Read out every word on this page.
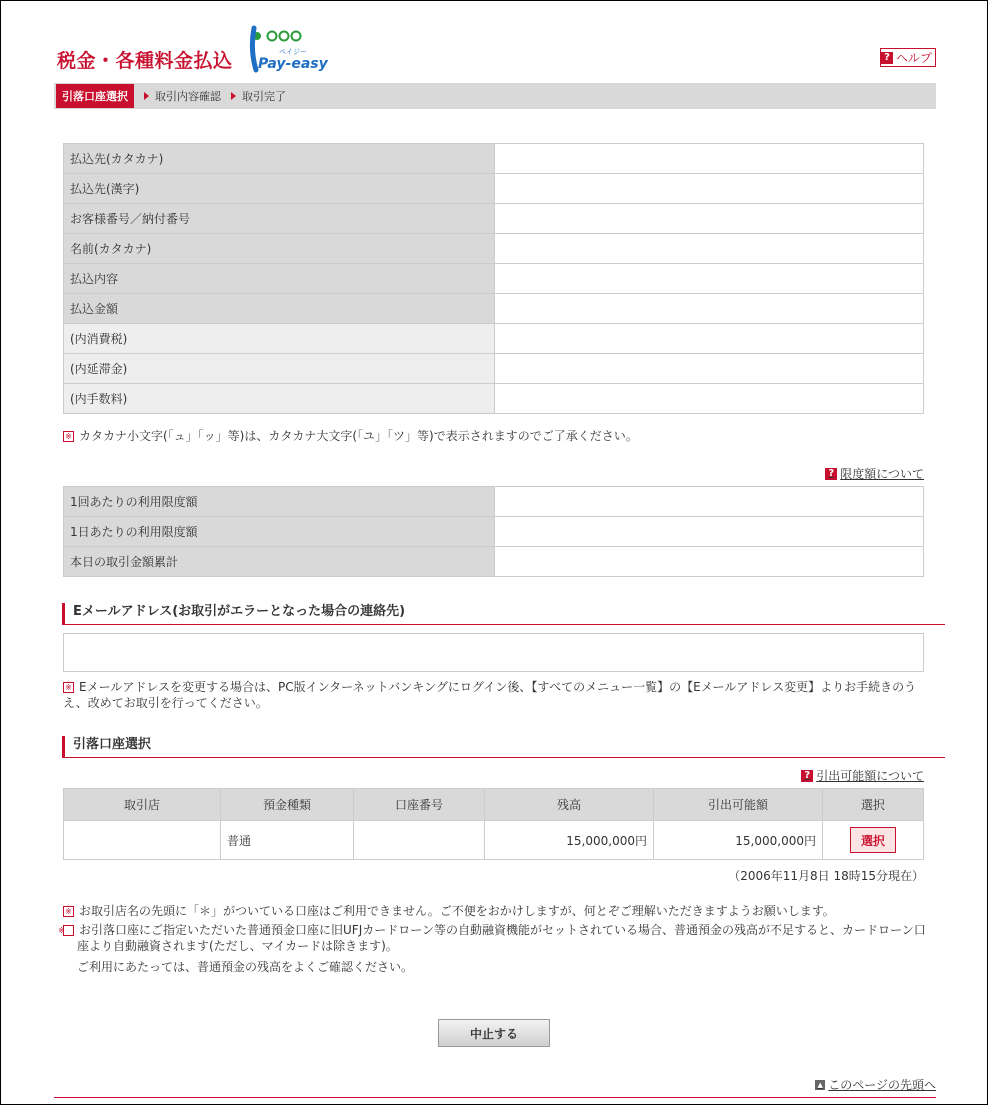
税金・各種料金払込	ペイジー
Pay-easy	? ヘルプ
引落口座選択	取引内容確認 取引完了
払込先(カタカナ)	
払込先(漢字)	
お客様番号／納付番号	
名前(カタカナ)	
払込内容	
払込金額	
(内消費税)	
(内延滞金)	
(内手数料)	
※ カタカナ小文字(「ュ」「ッ」等)は、カタカナ大文字(「ユ」「ツ」等)で表示されますのでご了承ください。
? 限度額について
1回あたりの利用限度額	
1日あたりの利用限度額	
本日の取引金額累計	
Eメールアドレス(お取引がエラーとなった場合の連絡先)
※ Eメールアドレスを変更する場合は、PC版インターネットバンキングにログイン後、【すべてのメニュー一覧】の【Eメールアドレス変更】よりお手続きのうえ、改めてお取引を行ってください。
引落口座選択
? 引出可能額について
取引店	預金種類	口座番号	残高	引出可能額	選択
	普通		15,000,000円	15,000,000円	選択
（2006年11月8日 18時15分現在）
※ お取引店名の先頭に「＊」がついている口座はご利用できません。ご不便をおかけしますが、何とぞご理解いただきますようお願いします。
※ お引落口座にご指定いただいた普通預金口座に旧UFJカードローン等の自動融資機能がセットされている場合、普通預金の残高が不足すると、カードローン口座より自動融資されます(ただし、マイカードは除きます)。
ご利用にあたっては、普通預金の残高をよくご確認ください。
中止する
▲ このページの先頭へ
